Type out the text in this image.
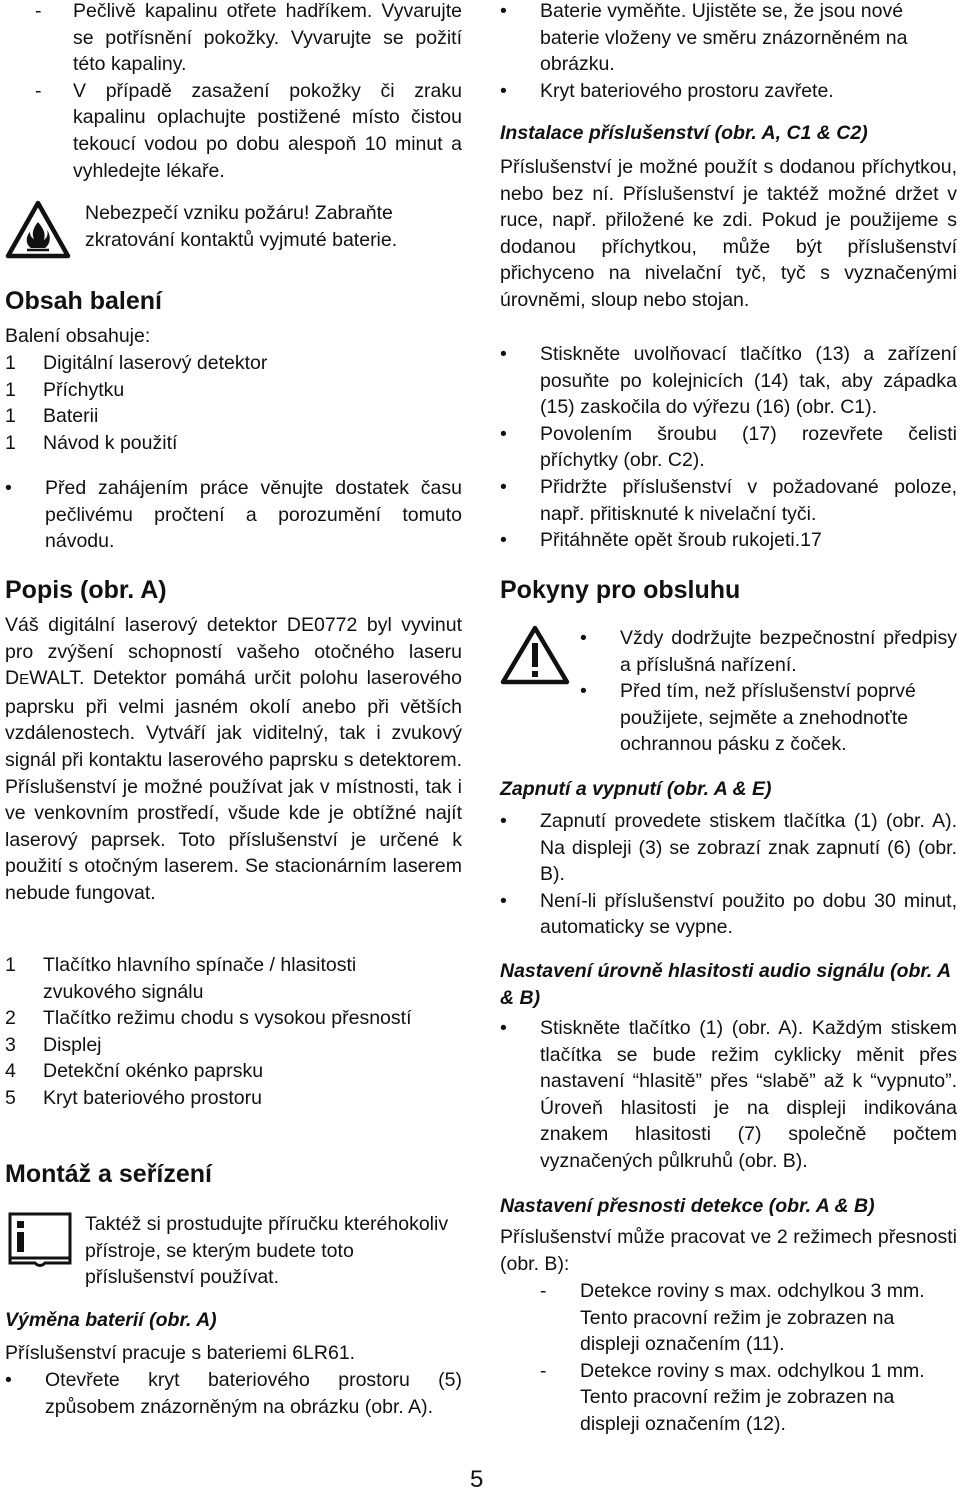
-	Pečlivě kapalinu otřete hadříkem. Vyvarujte se potřísnění pokožky. Vyvarujte se požití této kapaliny.

-	V případě zasažení pokožky či zraku kapalinu oplachujte postižené místo čistou tekoucí vodou po dobu alespoň 10 minut a vyhledejte lékaře.

Nebezpečí vzniku požáru! Zabraňte zkratování kontaktů vyjmuté baterie.

Obsah balení

Balení obsahuje:

1	Digitální laserový detektor
1	Příchytku
1	Baterii
1	Návod k použití
•	Před zahájením práce věnujte dostatek času pečlivému pročtení a porozumění tomuto návodu.

Popis (obr. A)

Váš digitální laserový detektor DE0772 byl vyvinut pro zvýšení schopností vašeho otočného laseru DEWALT. Detektor pomáhá určit polohu laserového paprsku při velmi jasném okolí anebo při větších vzdálenostech. Vytváří jak viditelný, tak i zvukový signál při kontaktu laserového paprsku s detektorem. Příslušenství je možné používat jak v místnosti, tak i ve venkovním prostředí, všude kde je obtížné najít laserový paprsek. Toto příslušenství je určené k použití s otočným laserem. Se stacionárním laserem nebude fungovat.

1	Tlačítko hlavního spínače / hlasitosti zvukového signálu
2	Tlačítko režimu chodu s vysokou přesností
3	Displej
4	Detekční okénko paprsku
5	Kryt bateriového prostoru
Montáž a seřízení

Taktéž si prostudujte příručku kteréhokoliv přístroje, se kterým budete toto příslušenství používat.

Výměna baterií (obr. A)

Příslušenství pracuje s bateriemi 6LR61.

•	Otevřete kryt bateriového prostoru (5) způsobem znázorněným na obrázku (obr. A).

•	Baterie vyměňte. Ujistěte se, že jsou nové baterie vloženy ve směru znázorněném na obrázku.

•	Kryt bateriového prostoru zavřete.

Instalace příslušenství (obr. A, C1 & C2)

Příslušenství je možné použít s dodanou příchytkou, nebo bez ní. Příslušenství je taktéž možné držet v ruce, např. přiložené ke zdi. Pokud je použijeme s dodanou příchytkou, může být příslušenství přichyceno na nivelační tyč, tyč s vyznačenými úrovněmi, sloup nebo stojan.

•	Stiskněte uvolňovací tlačítko (13) a zařízení posuňte po kolejnicích (14) tak, aby západka (15) zaskočila do výřezu (16) (obr. C1).

•	Povolením šroubu (17) rozevřete čelisti příchytky (obr. C2).

•	Přidržte příslušenství v požadované poloze, např. přitisknuté k nivelační tyči.

•	Přitáhněte opět šroub rukojeti.17

Pokyny pro obsluhu
•	Vždy dodržujte bezpečnostní předpisy a příslušná nařízení.

•	Před tím, než příslušenství poprvé použijete, sejměte a znehodnoťte ochrannou pásku z čoček.

Zapnutí a vypnutí (obr. A & E)
•	Zapnutí provedete stiskem tlačítka (1) (obr. A). Na displeji (3) se zobrazí znak zapnutí (6) (obr. B).

•	Není-li příslušenství použito po dobu 30 minut, automaticky se vypne.

Nastavení úrovně hlasitosti audio signálu (obr. A & B)
•	Stiskněte tlačítko (1) (obr. A). Každým stiskem tlačítka se bude režim cyklicky měnit přes nastavení “hlasitě” přes “slabě” až k “vypnuto”. Úroveň hlasitosti je na displeji indikována znakem hlasitosti (7) společně počtem vyznačených půlkruhů (obr. B).

Nastavení přesnosti detekce (obr. A & B)

Příslušenství může pracovat ve 2 režimech přesnosti (obr. B):

-	Detekce roviny s max. odchylkou 3 mm. Tento pracovní režim je zobrazen na displeji označením (11).

-	Detekce roviny s max. odchylkou 1 mm. Tento pracovní režim je zobrazen na displeji označením (12).

5
